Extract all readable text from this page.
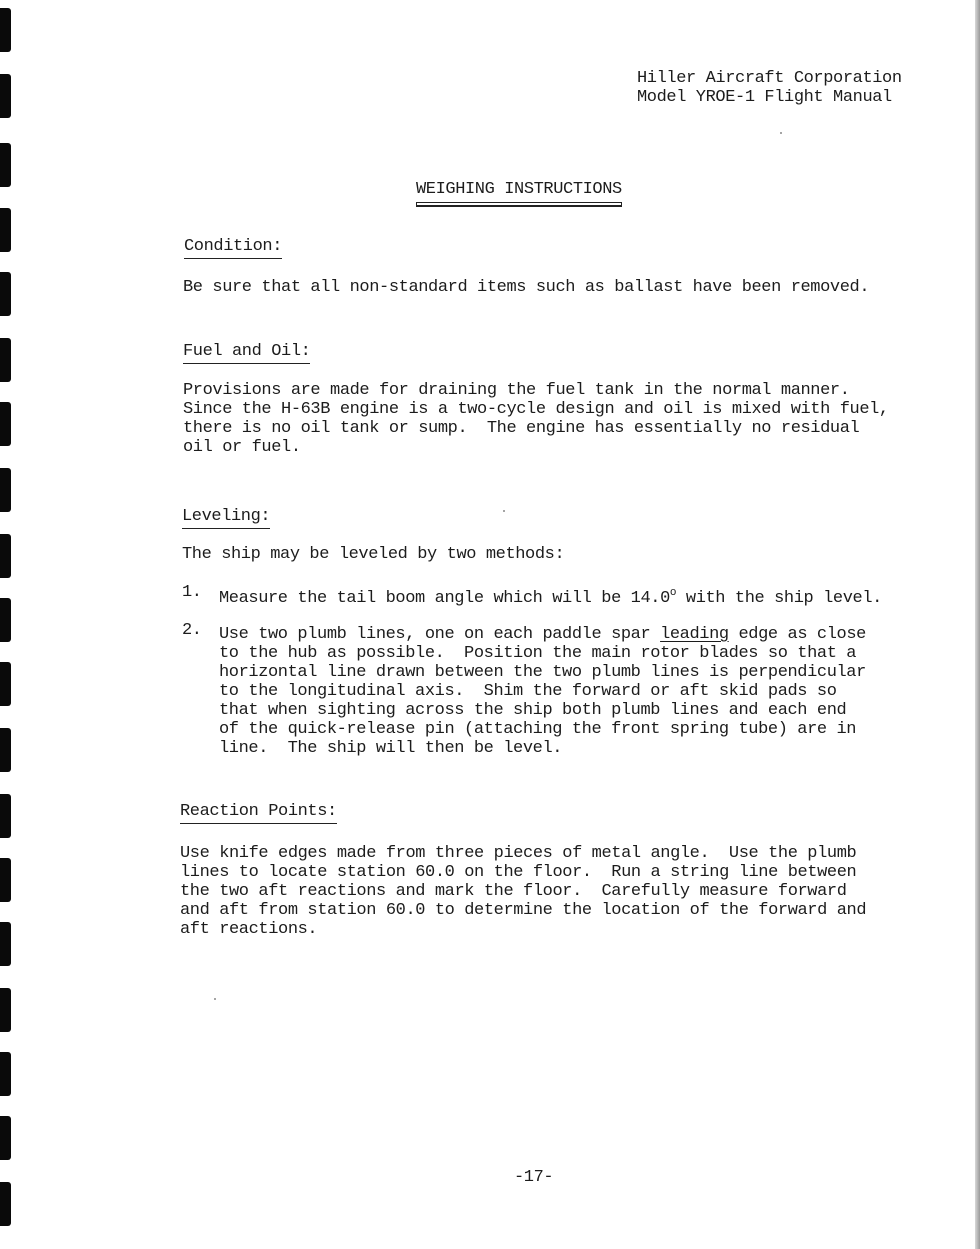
Hiller Aircraft Corporation
Model YROE-1 Flight Manual
WEIGHING INSTRUCTIONS
Condition:
Be sure that all non-standard items such as ballast have been removed.
Fuel and Oil:
Provisions are made for draining the fuel tank in the normal manner.
Since the H-63B engine is a two-cycle design and oil is mixed with fuel,
there is no oil tank or sump.  The engine has essentially no residual
oil or fuel.
Leveling:
The ship may be leveled by two methods:
1. Measure the tail boom angle which will be 14.0$^o$ with the ship level.
2. Use two plumb lines, one on each paddle spar leading edge as close
to the hub as possible.  Position the main rotor blades so that a
horizontal line drawn between the two plumb lines is perpendicular
to the longitudinal axis.  Shim the forward or aft skid pads so
that when sighting across the ship both plumb lines and each end
of the quick-release pin (attaching the front spring tube) are in
line.  The ship will then be level.
Reaction Points:
Use knife edges made from three pieces of metal angle.  Use the plumb
lines to locate station 60.0 on the floor.  Run a string line between
the two aft reactions and mark the floor.  Carefully measure forward
and aft from station 60.0 to determine the location of the forward and
aft reactions.
-17-
